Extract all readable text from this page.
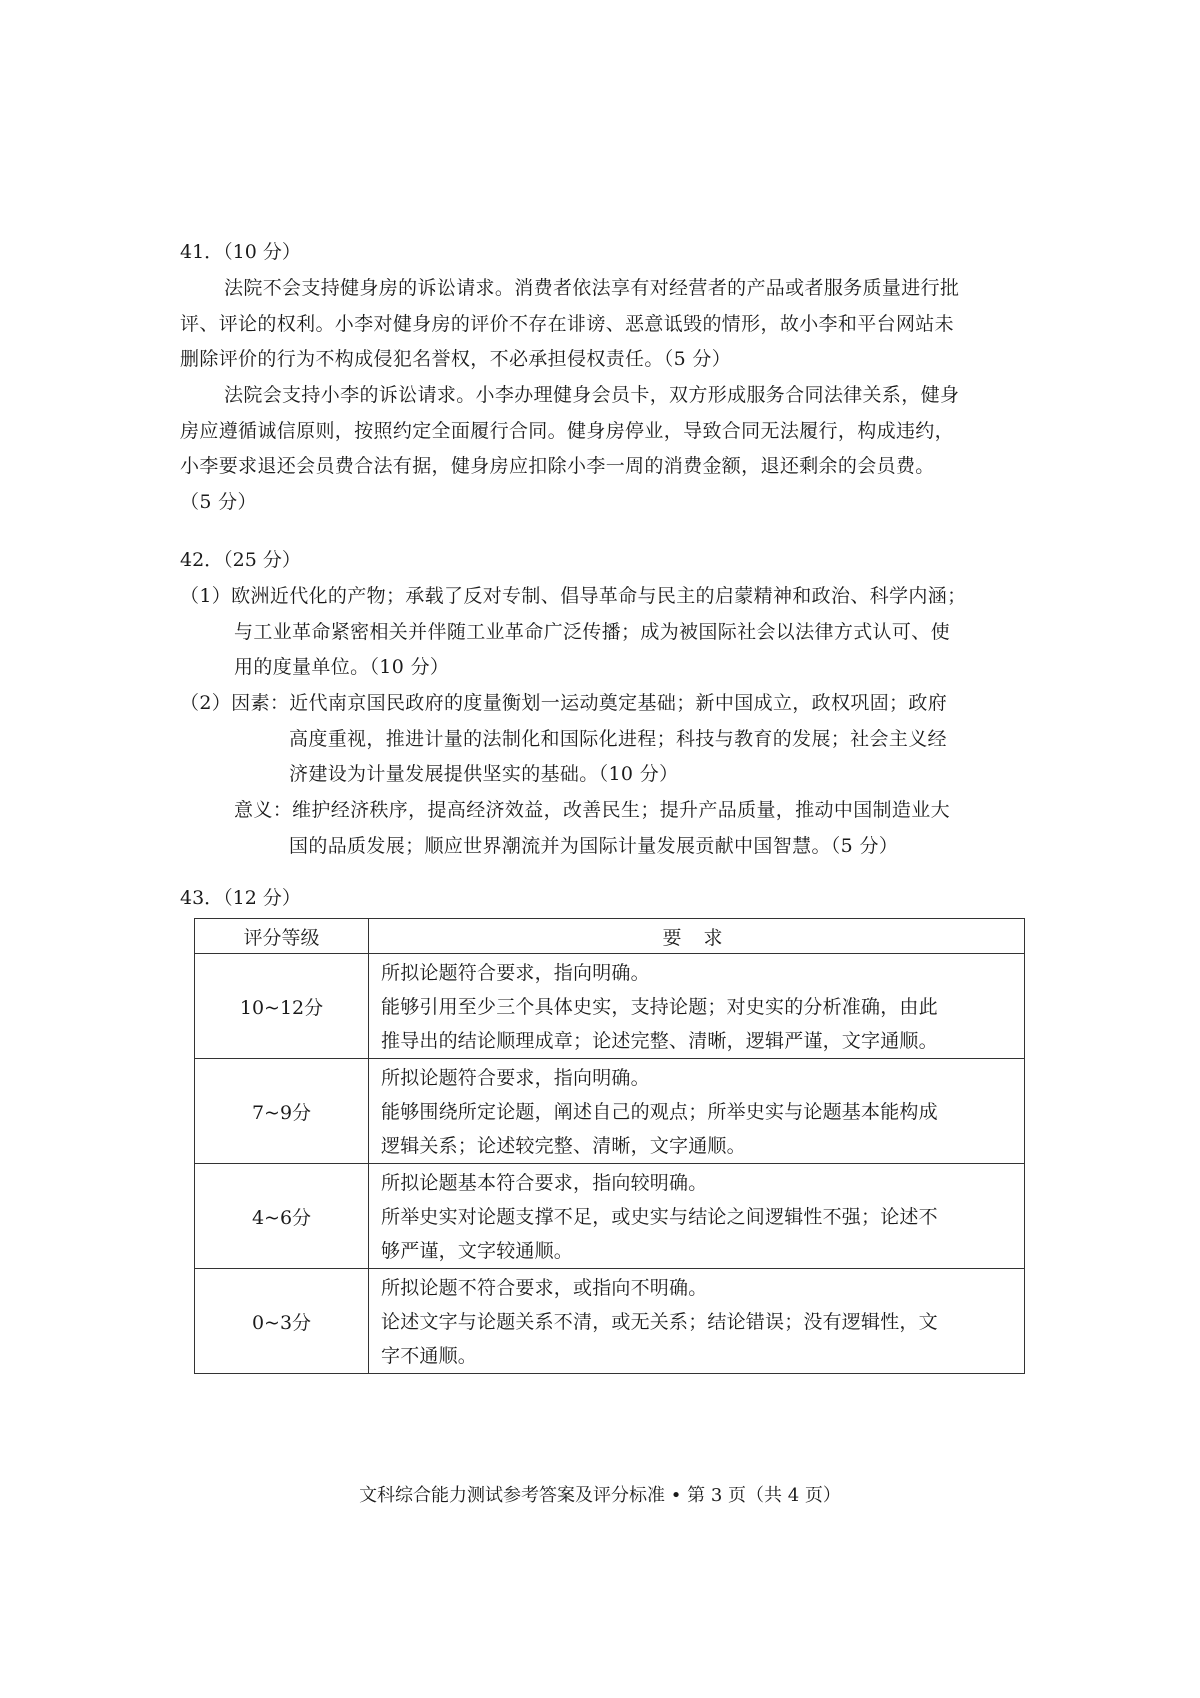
41．（10 分）
法院不会支持健身房的诉讼请求。消费者依法享有对经营者的产品或者服务质量进行批
评、评论的权利。小李对健身房的评价不存在诽谤、恶意诋毁的情形，故小李和平台网站未
删除评价的行为不构成侵犯名誉权，不必承担侵权责任。（5 分）
法院会支持小李的诉讼请求。小李办理健身会员卡，双方形成服务合同法律关系，健身
房应遵循诚信原则，按照约定全面履行合同。健身房停业，导致合同无法履行，构成违约，
小李要求退还会员费合法有据，健身房应扣除小李一周的消费金额，退还剩余的会员费。
（5 分）
42．（25 分）
（1）欧洲近代化的产物；承载了反对专制、倡导革命与民主的启蒙精神和政治、科学内涵；
与工业革命紧密相关并伴随工业革命广泛传播；成为被国际社会以法律方式认可、使
用的度量单位。（10 分）
（2）因素：近代南京国民政府的度量衡划一运动奠定基础；新中国成立，政权巩固；政府
高度重视，推进计量的法制化和国际化进程；科技与教育的发展；社会主义经
济建设为计量发展提供坚实的基础。（10 分）
意义：维护经济秩序，提高经济效益，改善民生；提升产品质量，推动中国制造业大
国的品质发展；顺应世界潮流并为国际计量发展贡献中国智慧。（5 分）
43．（12 分）
评分等级	要 求
10~12分	所拟论题符合要求，指向明确。
能够引用至少三个具体史实，支持论题；对史实的分析准确，由此
推导出的结论顺理成章；论述完整、清晰，逻辑严谨，文字通顺。

7~9分	所拟论题符合要求，指向明确。
能够围绕所定论题，阐述自己的观点；所举史实与论题基本能构成
逻辑关系；论述较完整、清晰，文字通顺。

4~6分	所拟论题基本符合要求，指向较明确。
所举史实对论题支撑不足，或史实与结论之间逻辑性不强；论述不
够严谨，文字较通顺。

0~3分	所拟论题不符合要求，或指向不明确。
论述文字与论题关系不清，或无关系；结论错误；没有逻辑性，文
字不通顺。
文科综合能力测试参考答案及评分标准 • 第 3 页（共 4 页）
